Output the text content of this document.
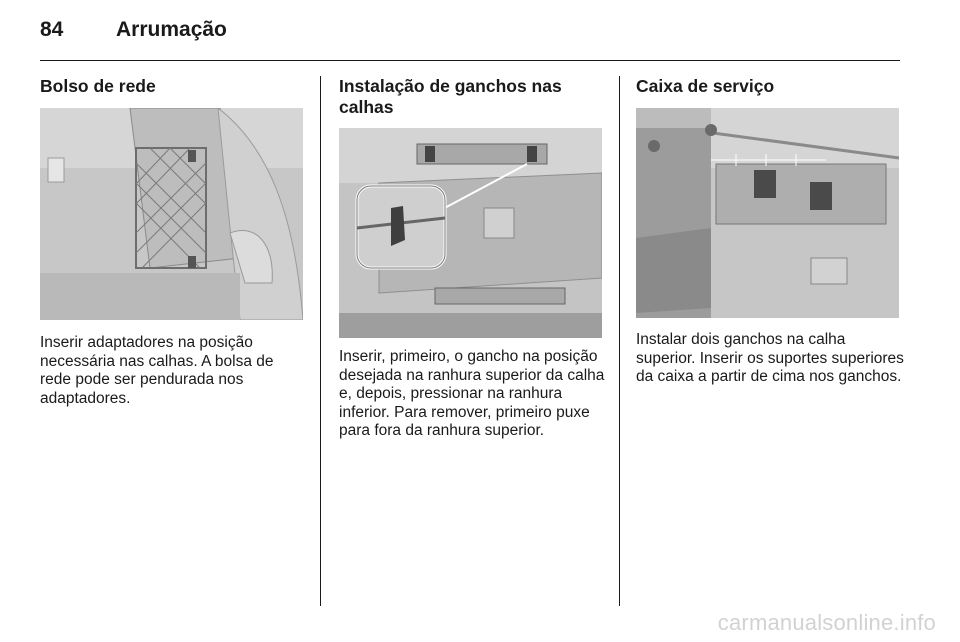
84	Arrumação
Bolso de rede

Inserir adaptadores na posição necessária nas calhas. A bolsa de rede pode ser pendurada nos adaptadores.

Instalação de ganchos nas calhas

Inserir, primeiro, o gancho na posição desejada na ranhura superior da calha e, depois, pressionar na ranhura inferior. Para remover, primeiro puxe para fora da ranhura superior.

Caixa de serviço

Instalar dois ganchos na calha superior. Inserir os suportes superiores da caixa a partir de cima nos ganchos.

carmanualsonline.info
